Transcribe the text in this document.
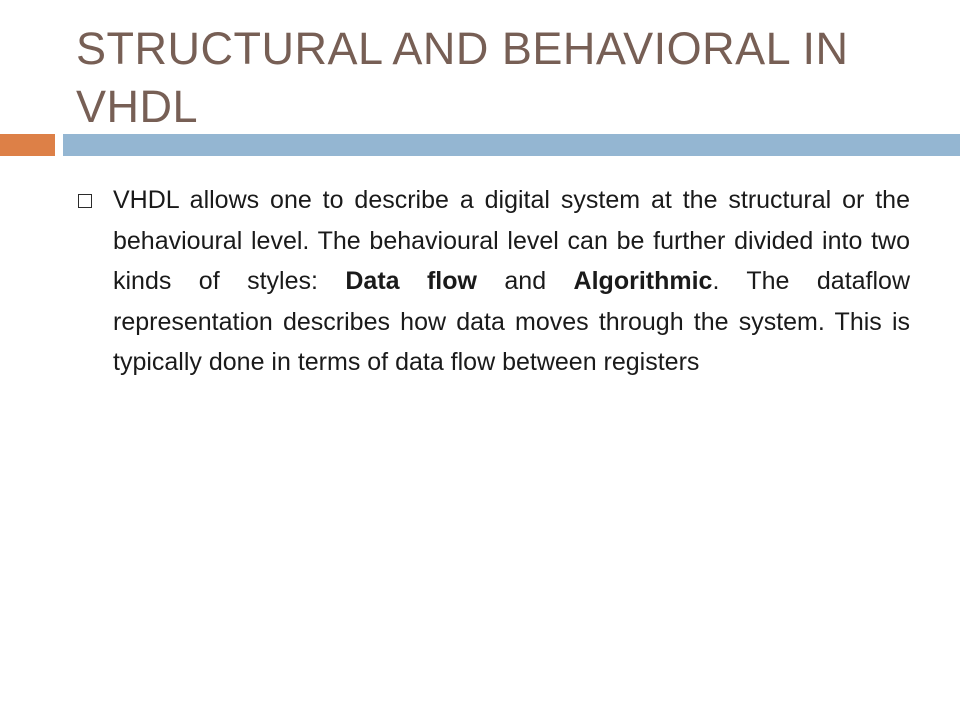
STRUCTURAL AND BEHAVIORAL IN VHDL

VHDL allows one to describe a digital system at the structural or the behavioural level. The behavioural level can be further divided into two kinds of styles: Data flow and Algorithmic. The dataflow representation describes how data moves through the system. This is typically done in terms of data flow between registers
